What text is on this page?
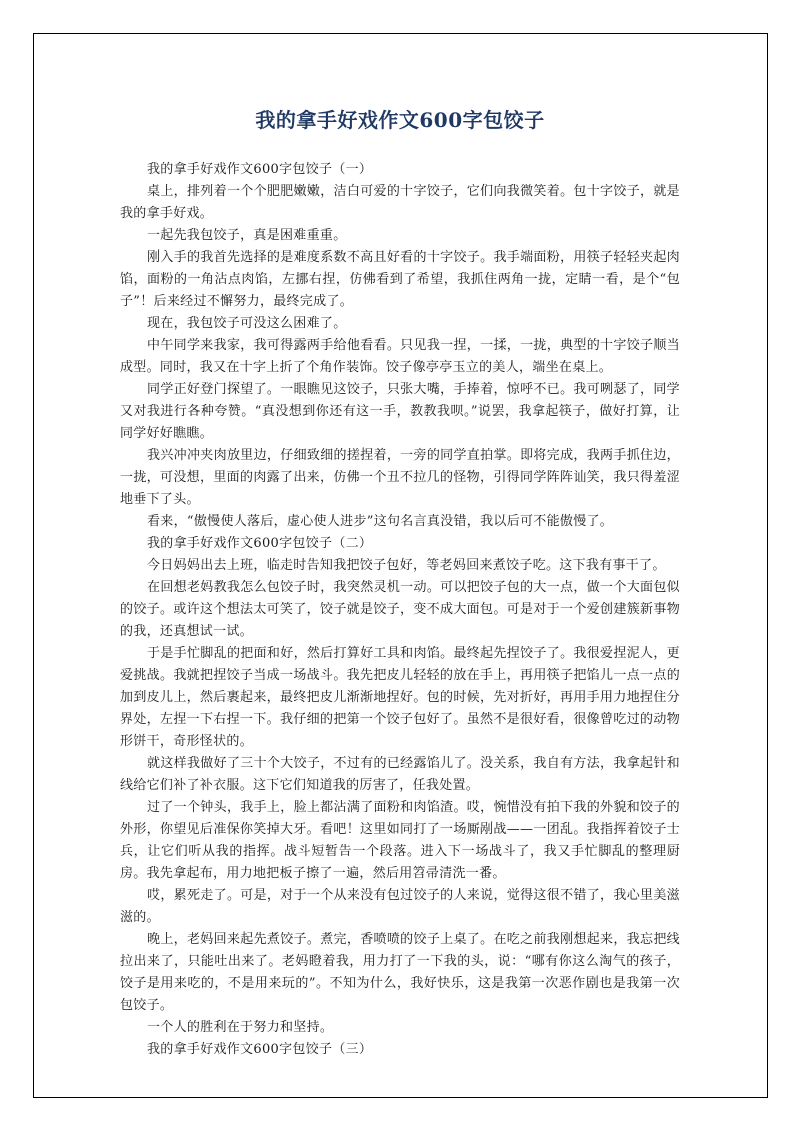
我的拿手好戏作文600字包饺子

我的拿手好戏作文600字包饺子（一）

桌上，排列着一个个肥肥嫩嫩，洁白可爱的十字饺子，它们向我微笑着。包十字饺子，就是我的拿手好戏。

一起先我包饺子，真是困难重重。

刚入手的我首先选择的是难度系数不高且好看的十字饺子。我手端面粉，用筷子轻轻夹起肉馅，面粉的一角沾点肉馅，左挪右捏，仿佛看到了希望，我抓住两角一拢，定睛一看，是个“包子”！后来经过不懈努力，最终完成了。

现在，我包饺子可没这么困难了。

中午同学来我家，我可得露两手给他看看。只见我一捏，一揉，一拢，典型的十字饺子顺当成型。同时，我又在十字上折了个角作装饰。饺子像亭亭玉立的美人，端坐在桌上。

同学正好登门探望了。一眼瞧见这饺子，只张大嘴，手捧着，惊呼不已。我可咧瑟了，同学又对我进行各种夸赞。“真没想到你还有这一手，教教我呗。”说罢，我拿起筷子，做好打算，让同学好好瞧瞧。

我兴冲冲夹肉放里边，仔细致细的搓捏着，一旁的同学直拍掌。即将完成，我两手抓住边，一拢，可没想，里面的肉露了出来，仿佛一个丑不拉几的怪物，引得同学阵阵讪笑，我只得羞涩地垂下了头。

看来，“傲慢使人落后，虚心使人进步”这句名言真没错，我以后可不能傲慢了。

我的拿手好戏作文600字包饺子（二）

今日妈妈出去上班，临走时告知我把饺子包好，等老妈回来煮饺子吃。这下我有事干了。

在回想老妈教我怎么包饺子时，我突然灵机一动。可以把饺子包的大一点，做一个大面包似的饺子。或许这个想法太可笑了，饺子就是饺子，变不成大面包。可是对于一个爱创建簇新事物的我，还真想试一试。

于是手忙脚乱的把面和好，然后打算好工具和肉馅。最终起先捏饺子了。我很爱捏泥人，更爱挑战。我就把捏饺子当成一场战斗。我先把皮儿轻轻的放在手上，再用筷子把馅儿一点一点的加到皮儿上，然后裹起来，最终把皮儿渐渐地捏好。包的时候，先对折好，再用手用力地捏住分界处，左捏一下右捏一下。我仔细的把第一个饺子包好了。虽然不是很好看，很像曾吃过的动物形饼干，奇形怪状的。

就这样我做好了三十个大饺子，不过有的已经露馅儿了。没关系，我自有方法，我拿起针和线给它们补了补衣服。这下它们知道我的厉害了，任我处置。

过了一个钟头，我手上，脸上都沾满了面粉和肉馅渣。哎，惋惜没有拍下我的外貌和饺子的外形，你望见后准保你笑掉大牙。看吧！这里如同打了一场厮剐战——一团乱。我指挥着饺子士兵，让它们听从我的指挥。战斗短暂告一个段落。进入下一场战斗了，我又手忙脚乱的整理厨房。我先拿起布，用力地把板子擦了一遍，然后用笤帚清洗一番。

哎，累死走了。可是，对于一个从来没有包过饺子的人来说，觉得这很不错了，我心里美滋滋的。

晚上，老妈回来起先煮饺子。煮完，香喷喷的饺子上桌了。在吃之前我刚想起来，我忘把线拉出来了，只能吐出来了。老妈瞪着我，用力打了一下我的头，说：“哪有你这么淘气的孩子，饺子是用来吃的，不是用来玩的”。不知为什么，我好快乐，这是我第一次恶作剧也是我第一次包饺子。

一个人的胜利在于努力和坚持。

我的拿手好戏作文600字包饺子（三）
